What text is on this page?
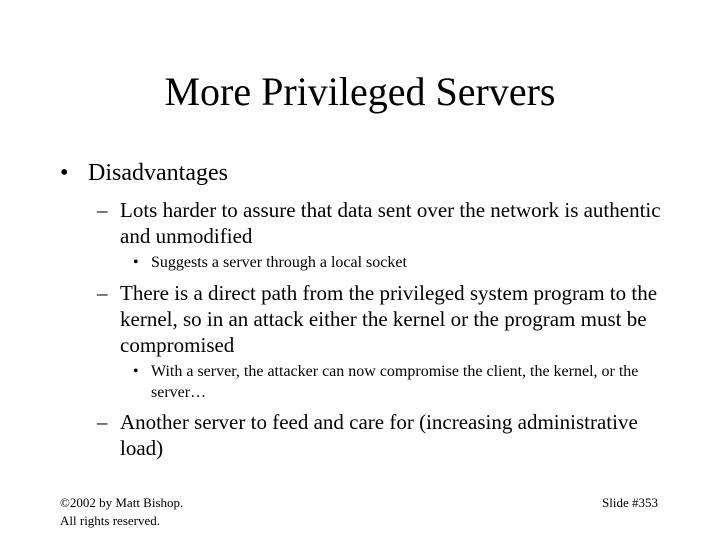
More Privileged Servers
• Disadvantages
– Lots harder to assure that data sent over the network is authentic and unmodified
• Suggests a server through a local socket
– There is a direct path from the privileged system program to the kernel, so in an attack either the kernel or the program must be compromised
• With a server, the attacker can now compromise the client, the kernel, or the server…
– Another server to feed and care for (increasing administrative load)
©2002 by Matt Bishop.
All rights reserved.
Slide #353
